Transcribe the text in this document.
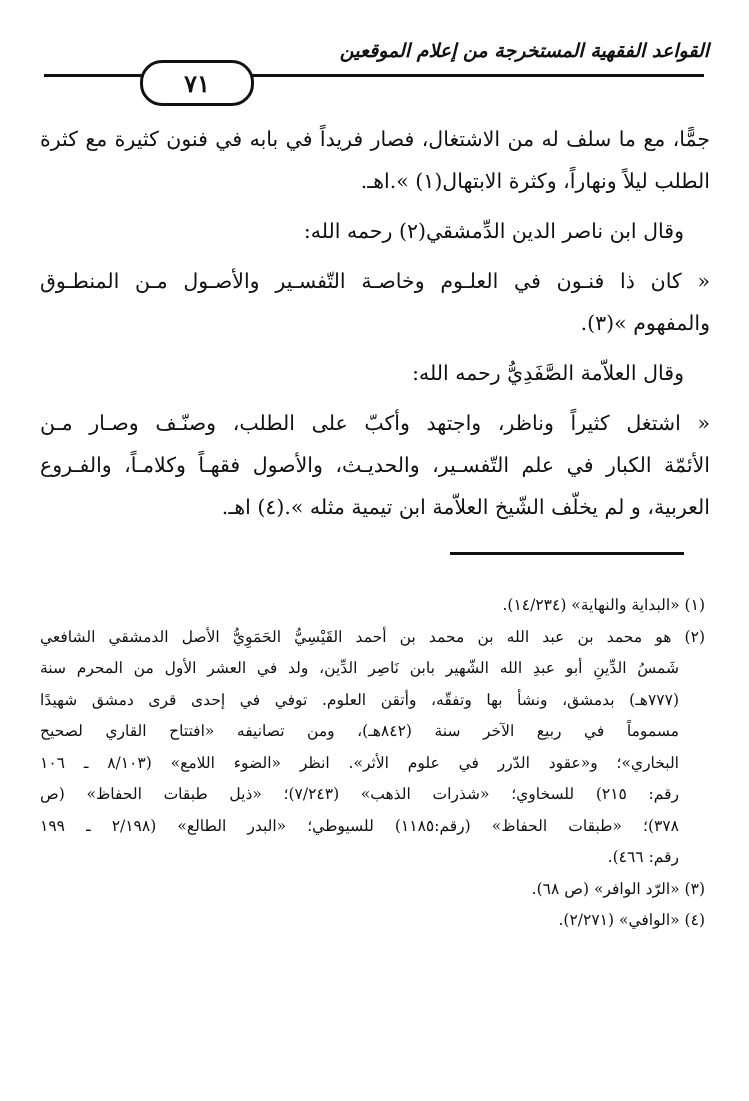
القواعد الفقهية المستخرجة من إعلام الموقعين
٧١
جمًّا، مع ما سلف له من الاشتغال، فصار فريداً في بابه في فنون كثيرة مع كثرة
الطلب ليلاً ونهاراً، وكثرة الابتهال(١) ».اهـ.
وقال ابن ناصر الدين الدِّمشقي(٢) رحمه الله:
« كان ذا فنـون في العلـوم وخاصـة التّفسـير والأصـول مـن المنطـوق
والمفهوم »(٣).
وقال العلاّمة الصَّفَدِيُّ رحمه الله:
« اشتغل كثيراً وناظر، واجتهد وأكبّ على الطلب، وصنّـف وصـار مـن
الأئمّة الكبار في علم التّفسـير، والحديـث، والأصول فقهـاً وكلامـاً، والفـروع
العربية، و لم يخلّف الشّيخ العلاّمة ابن تيمية مثله ».(٤) اهـ.
(١) «البداية والنهاية» (١٤/٢٣٤).
(٢) هو محمد بن عبد الله بن محمد بن أحمد القَيْسِيُّ الحَمَوِيُّ الأصل الدمشقي الشافعي
شَمسُ الدِّينِ أبو عبدِ الله الشّهير بابن نَاصِر الدِّين، ولد في العشر الأول من المحرم سنة
(٧٧٧هـ) بدمشق، ونشأ بها وتفقّه، وأتقن العلوم. توفي في إحدى قرى دمشق شهيدًا
مسموماً في ربيع الآخر سنة (٨٤٢هـ)، ومن تصانيفه «افتتاح القاري لصحيح
البخاري»؛ و«عقود الدّرر في علوم الأثر». انظر «الضوء اللامع» (٨/١٠٣ ـ ١٠٦
رقم: ٢١٥) للسخاوي؛ «شذرات الذهب» (٧/٢٤٣)؛ «ذيل طبقات الحفاظ» (ص
٣٧٨)؛ «طبقات الحفاظ» (رقم:١١٨٥) للسيوطي؛ «البدر الطالع» (٢/١٩٨ ـ ١٩٩
رقم: ٤٦٦).
(٣) «الرّد الوافر» (ص ٦٨).
(٤) «الوافي» (٢/٢٧١).
